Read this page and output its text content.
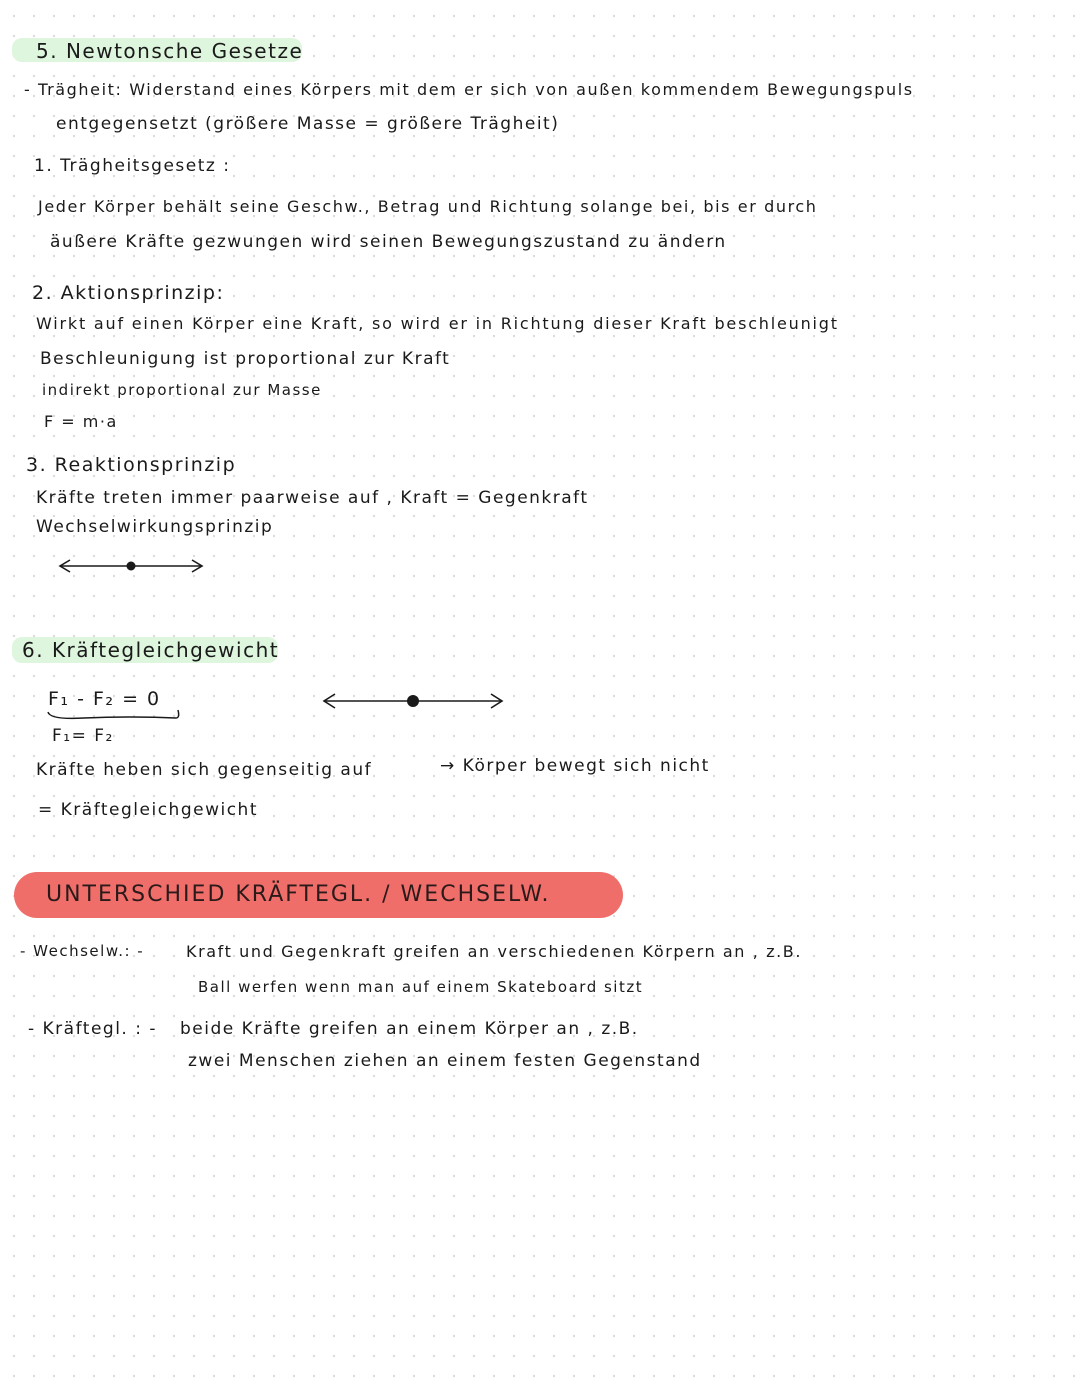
5. Newtonsche Gesetze
- Trägheit: Widerstand eines Körpers mit dem er sich von außen kommendem Bewegungspuls
entgegensetzt (größere Masse = größere Trägheit)
1. Trägheitsgesetz :
Jeder Körper behält seine Geschw., Betrag und Richtung solange bei, bis er durch
äußere Kräfte gezwungen wird seinen Bewegungszustand zu ändern
2. Aktionsprinzip:
Wirkt auf einen Körper eine Kraft, so wird er in Richtung dieser Kraft beschleunigt
Beschleunigung ist proportional zur Kraft
indirekt proportional zur Masse
F = m·a
3. Reaktionsprinzip
Kräfte treten immer paarweise auf , Kraft = Gegenkraft
Wechselwirkungsprinzip
6. Kräftegleichgewicht
F₁ - F₂ = 0
F₁= F₂
Kräfte heben sich gegenseitig auf	→ Körper bewegt sich nicht
= Kräftegleichgewicht
UNTERSCHIED KRÄFTEGL. / WECHSELW.
- Wechselw.: -	Kraft und Gegenkraft greifen an verschiedenen Körpern an , z.B.
Ball werfen wenn man auf einem Skateboard sitzt
- Kräftegl. : - beide Kräfte greifen an einem Körper an , z.B.
zwei Menschen ziehen an einem festen Gegenstand
